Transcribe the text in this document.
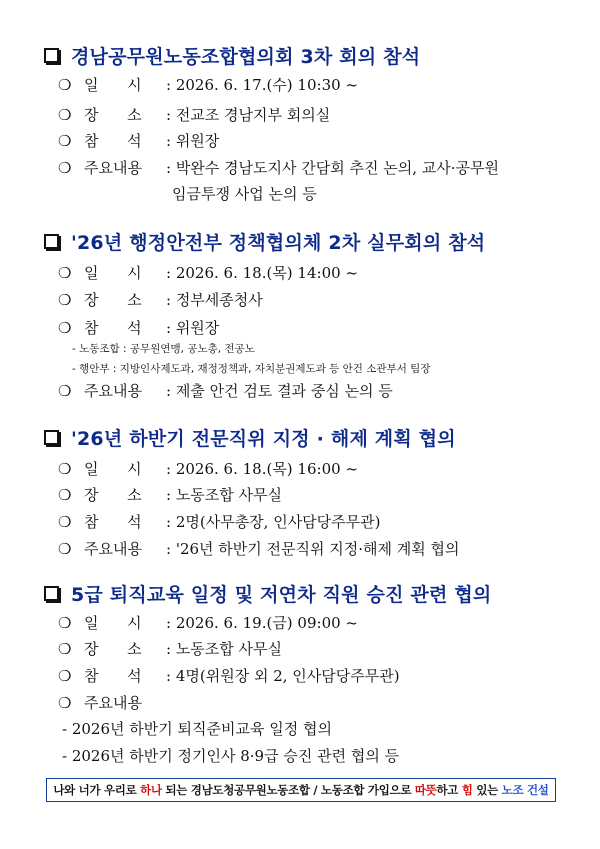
경남공무원노동조합협의회 3차 회의 참석
❍ 일      시	: 2026. 6. 17.(수) 10:30 ~
❍ 장      소	: 전교조 경남지부 회의실
❍ 참      석	: 위원장
❍ 주요내용	: 박완수 경남도지사 간담회 추진 논의, 교사·공무원
임금투쟁 사업 논의 등
'26년 행정안전부 정책협의체 2차 실무회의 참석
❍ 일      시	: 2026. 6. 18.(목) 14:00 ~
❍ 장      소	: 정부세종청사
❍ 참      석	: 위원장
- 노동조합 : 공무원연맹, 공노총, 전공노
- 행안부 : 지방인사제도과, 재정정책과, 자치분권제도과 등 안건 소관부서 팀장
❍ 주요내용	: 제출 안건 검토 결과 중심 논의 등
'26년 하반기 전문직위 지정 · 해제 계획 협의
❍ 일      시	: 2026. 6. 18.(목) 16:00 ~
❍ 장      소	: 노동조합 사무실
❍ 참      석	: 2명(사무총장, 인사담당주무관)
❍ 주요내용	: '26년 하반기 전문직위 지정·해제 계획 협의
5급 퇴직교육 일정 및 저연차 직원 승진 관련 협의
❍ 일      시	: 2026. 6. 19.(금) 09:00 ~
❍ 장      소	: 노동조합 사무실
❍ 참      석	: 4명(위원장 외 2, 인사담당주무관)
❍ 주요내용
- 2026년 하반기 퇴직준비교육 일정 협의
- 2026년 하반기 정기인사 8·9급 승진 관련 협의 등
나와 너가 우리로 하나 되는 경남도청공무원노동조합 / 노동조합 가입으로 따뜻 하고 힘 있는 노조 건설
